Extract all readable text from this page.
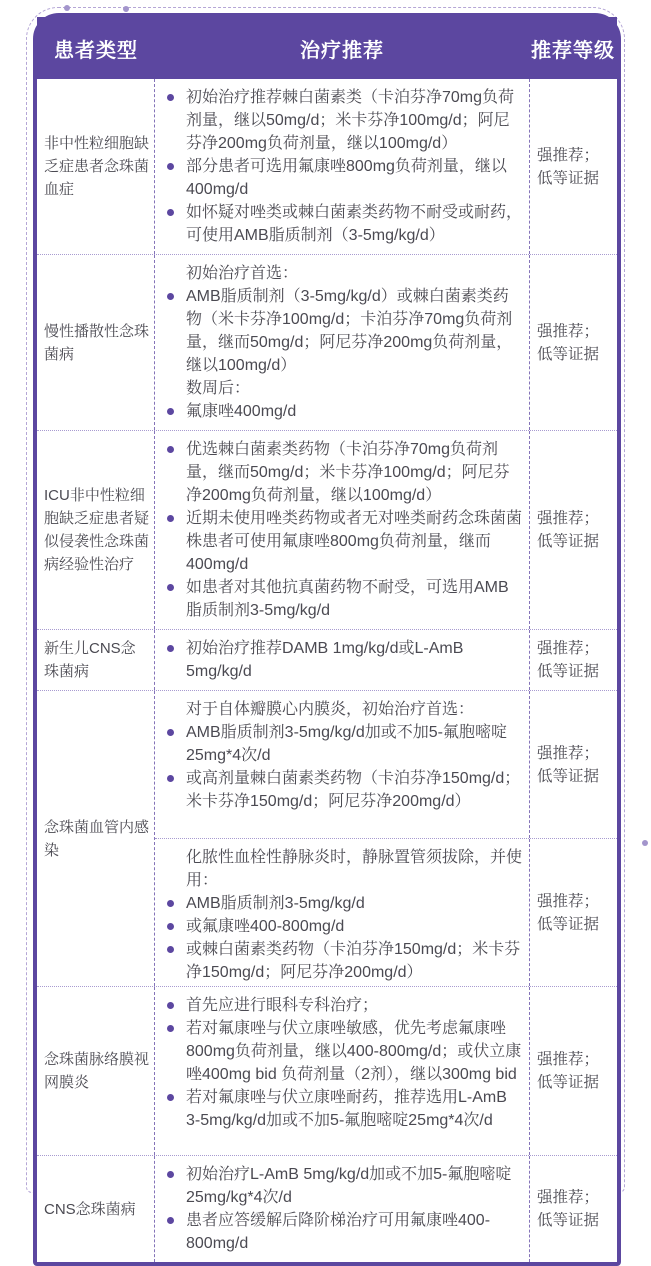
患者类型	治疗推荐	推荐等级
非中性粒细胞缺乏症患者念珠菌血症
初始治疗推荐棘白菌素类（卡泊芬净70mg负荷剂量，继以50mg/d；米卡芬净100mg/d；阿尼芬净200mg负荷剂量，继以100mg/d）
部分患者可选用氟康唑800mg负荷剂量，继以400mg/d
如怀疑对唑类或棘白菌素类药物不耐受或耐药，可使用AMB脂质制剂（3-5mg/kg/d）
强推荐；
低等证据
慢性播散性念珠菌病
初始治疗首选：
AMB脂质制剂（3-5mg/kg/d）或棘白菌素类药物（米卡芬净100mg/d；卡泊芬净70mg负荷剂量，继而50mg/d；阿尼芬净200mg负荷剂量，继以100mg/d）
数周后：
氟康唑400mg/d
强推荐；
低等证据
ICU非中性粒细胞缺乏症患者疑似侵袭性念珠菌病经验性治疗
优选棘白菌素类药物（卡泊芬净70mg负荷剂量，继而50mg/d；米卡芬净100mg/d；阿尼芬净200mg负荷剂量，继以100mg/d）
近期未使用唑类药物或者无对唑类耐药念珠菌菌株患者可使用氟康唑800mg负荷剂量，继而400mg/d
如患者对其他抗真菌药物不耐受，可选用AMB脂质制剂3-5mg/kg/d
强推荐；
低等证据
新生儿CNS念珠菌病
初始治疗推荐DAMB 1mg/kg/d或L-AmB 5mg/kg/d
强推荐；
低等证据
念珠菌血管内感染
对于自体瓣膜心内膜炎，初始治疗首选：
AMB脂质制剂3-5mg/kg/d加或不加5-氟胞嘧啶25mg*4次/d
或高剂量棘白菌素类药物（卡泊芬净150mg/d；米卡芬净150mg/d；阿尼芬净200mg/d）
强推荐；
低等证据
化脓性血栓性静脉炎时，静脉置管须拔除，并使用：
AMB脂质制剂3-5mg/kg/d
或氟康唑400-800mg/d
或棘白菌素类药物（卡泊芬净150mg/d；米卡芬净150mg/d；阿尼芬净200mg/d）
强推荐；
低等证据
念珠菌脉络膜视网膜炎
首先应进行眼科专科治疗；
若对氟康唑与伏立康唑敏感，优先考虑氟康唑800mg负荷剂量，继以400-800mg/d；或伏立康唑400mg bid 负荷剂量（2剂），继以300mg bid
若对氟康唑与伏立康唑耐药，推荐选用L-AmB 3-5mg/kg/d加或不加5-氟胞嘧啶25mg*4次/d
强推荐；
低等证据
CNS念珠菌病
初始治疗L-AmB 5mg/kg/d加或不加5-氟胞嘧啶25mg/kg*4次/d
患者应答缓解后降阶梯治疗可用氟康唑400-800mg/d
强推荐；
低等证据
